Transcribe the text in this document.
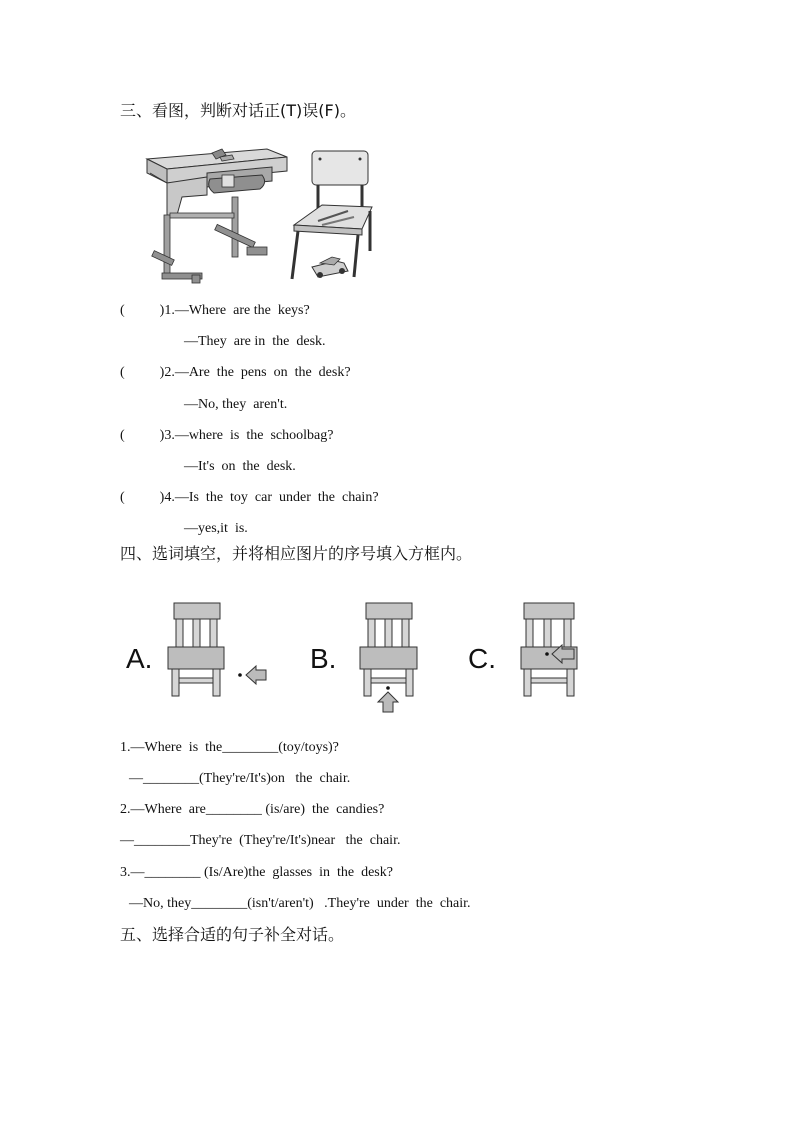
三、看图，判断对话正(T)误(F)。
(          )1.—Where  are the  keys?
—They  are in  the  desk.
(          )2.—Are  the  pens  on  the  desk?
—No, they  aren't.
(          )3.—where  is  the  schoolbag?
—It's  on  the  desk.
(          )4.—Is  the  toy  car  under  the  chain?
—yes,it  is.
四、选词填空，并将相应图片的序号填入方框内。
A.	B.	C.
1.—Where  is  the________(toy/toys)?
—________(They're/It's)on   the  chair.
2.—Where  are________ (is/are)  the  candies?
—________They're  (They're/It's)near   the  chair.
3.—________ (Is/Are)the  glasses  in  the  desk?
—No, they________(isn't/aren't)   .They're  under  the  chair.
五、选择合适的句子补全对话。
